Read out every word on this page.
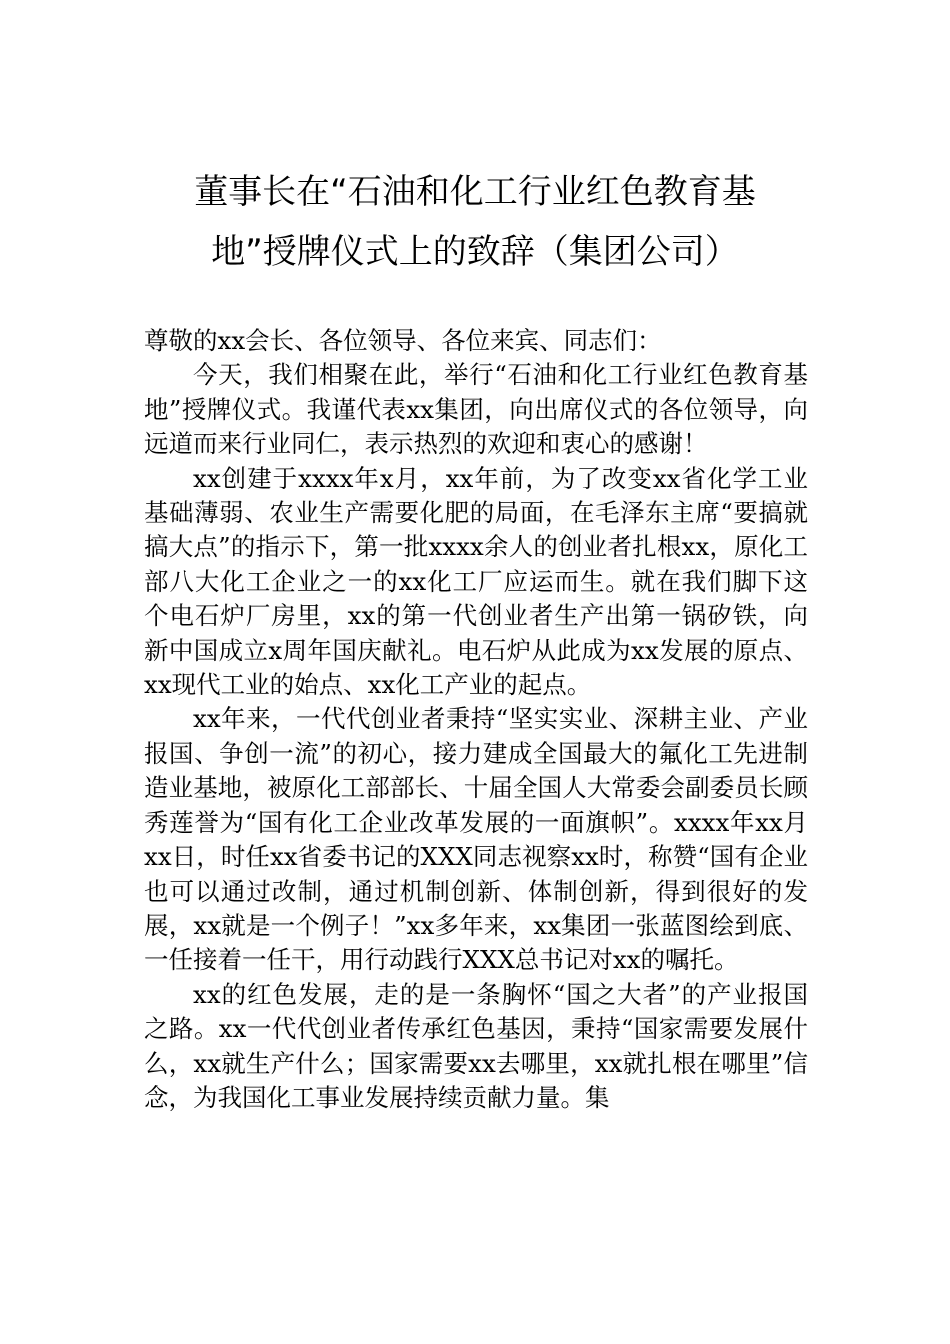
董事长在“石油和化工行业红色教育基
地”授牌仪式上的致辞（集团公司）

尊敬的xx会长、各位领导、各位来宾、同志们：

今天，我们相聚在此，举行“石油和化工行业红色教育基地”授牌仪式。我谨代表xx集团，向出席仪式的各位领导，向远道而来行业同仁，表示热烈的欢迎和衷心的感谢！

xx创建于xxxx年x月，xx年前，为了改变xx省化学工业基础薄弱、农业生产需要化肥的局面，在毛泽东主席“要搞就搞大点”的指示下，第一批xxxx余人的创业者扎根xx，原化工部八大化工企业之一的xx化工厂应运而生。就在我们脚下这个电石炉厂房里，xx的第一代创业者生产出第一锅矽铁，向新中国成立x周年国庆献礼。电石炉从此成为xx发展的原点、xx现代工业的始点、xx化工产业的起点。

xx年来，一代代创业者秉持“坚实实业、深耕主业、产业报国、争创一流”的初心，接力建成全国最大的氟化工先进制造业基地，被原化工部部长、十届全国人大常委会副委员长顾秀莲誉为“国有化工企业改革发展的一面旗帜”。xxxx年xx月xx日，时任xx省委书记的XXX同志视察xx时，称赞“国有企业也可以通过改制，通过机制创新、体制创新，得到很好的发展，xx就是一个例子！”xx多年来，xx集团一张蓝图绘到底、一任接着一任干，用行动践行XXX总书记对xx的嘱托。

xx的红色发展，走的是一条胸怀“国之大者”的产业报国之路。xx一代代创业者传承红色基因，秉持“国家需要发展什么，xx就生产什么；国家需要xx去哪里，xx就扎根在哪里”信念，为我国化工事业发展持续贡献力量。集
